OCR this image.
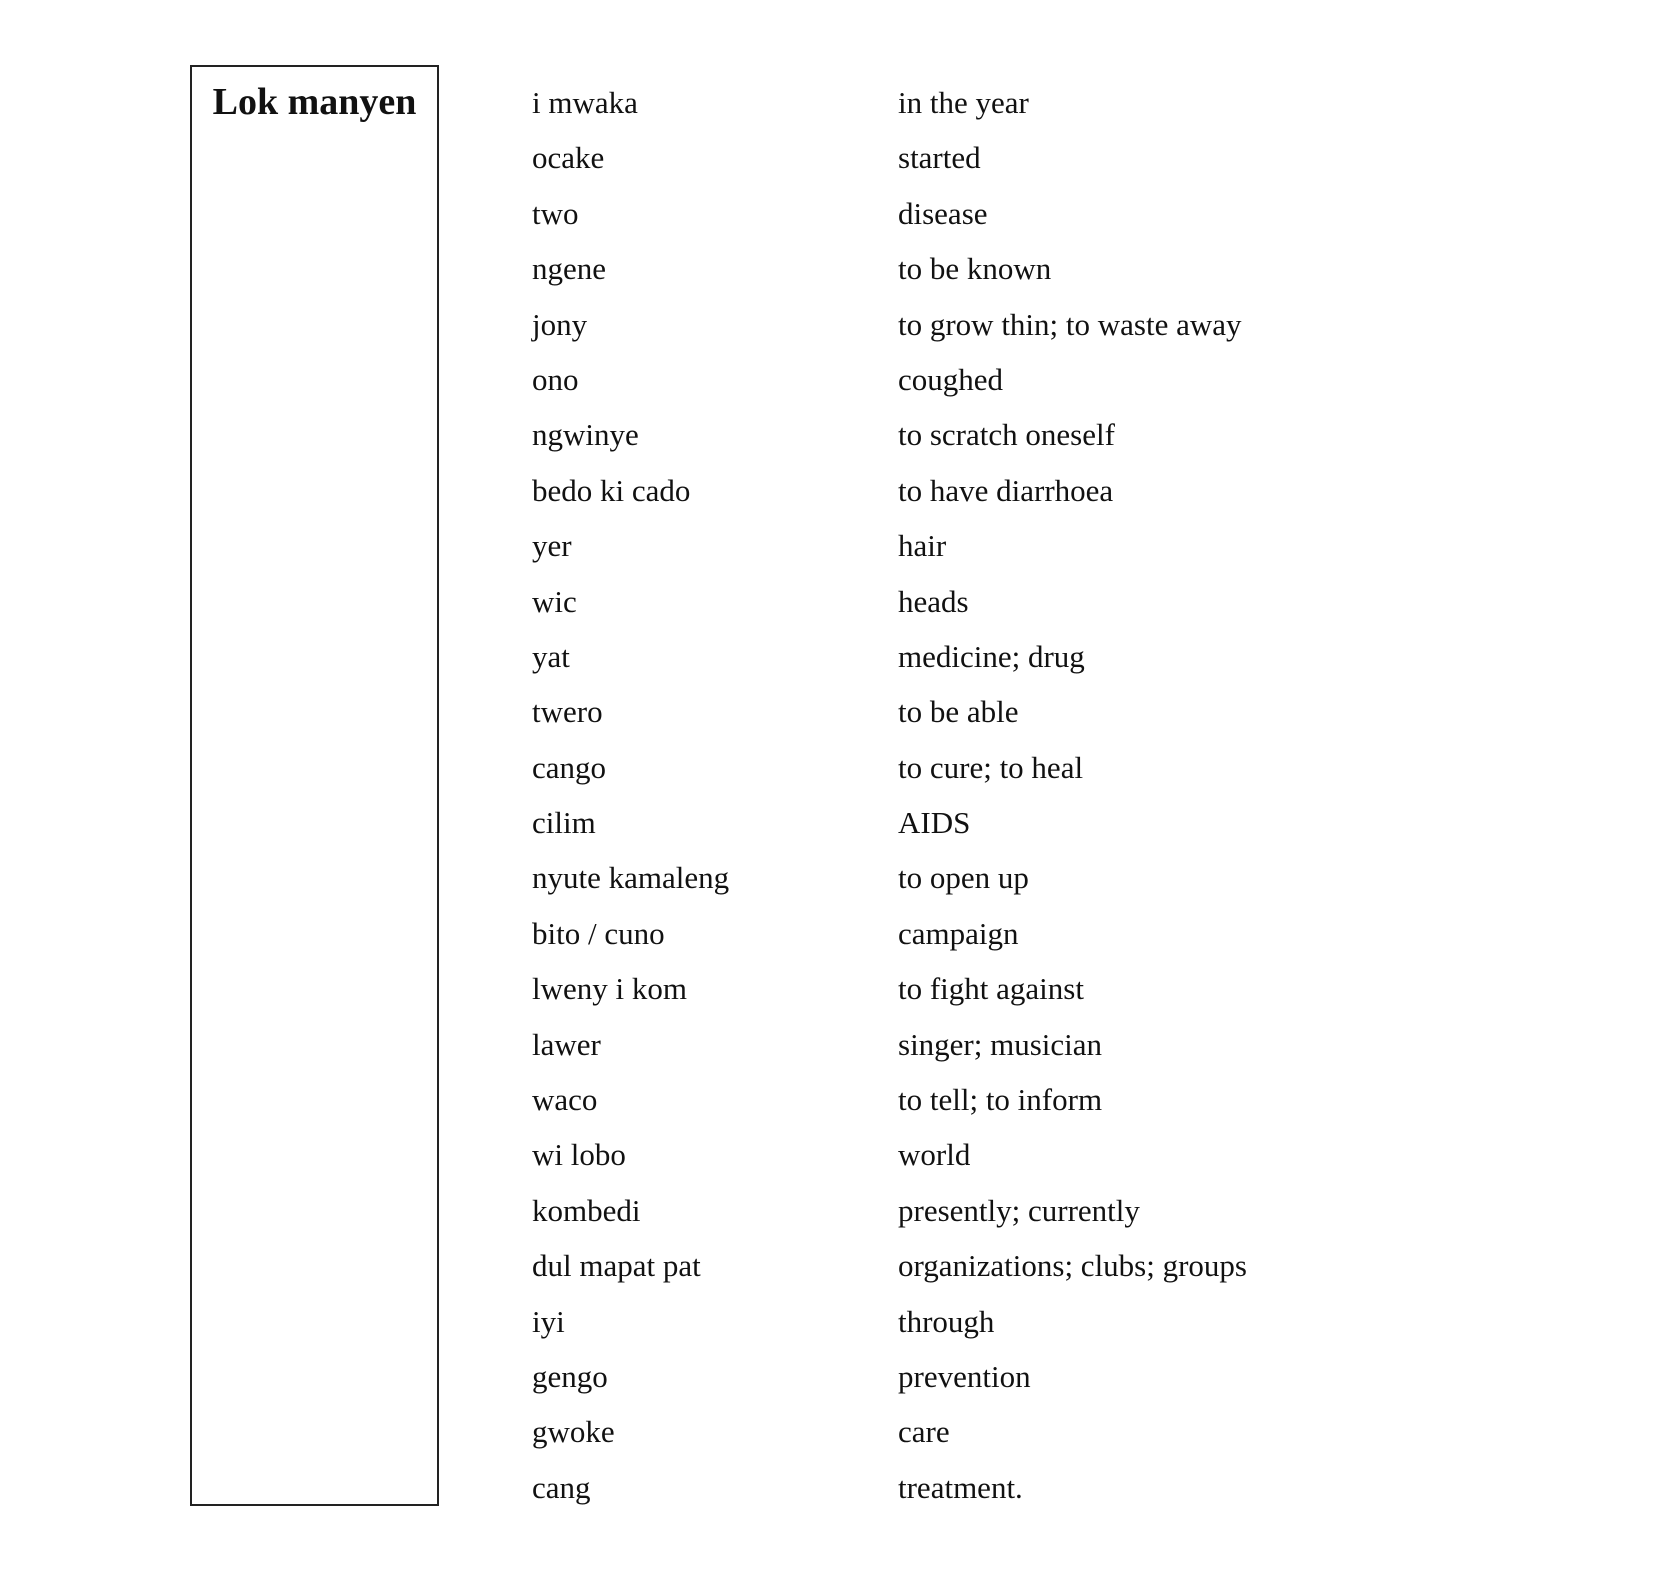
Lok manyen	i mwaka	in the year
ocake	started
two	disease
ngene	to be known
jony	to grow thin; to waste away
ono	coughed
ngwinye	to scratch oneself
bedo ki cado	to have diarrhoea
yer	hair
wic	heads
yat	medicine; drug
twero	to be able
cango	to cure; to heal
cilim	AIDS
nyute kamaleng	to open up
bito / cuno	campaign
lweny i kom	to fight against
lawer	singer; musician
waco	to tell; to inform
wi lobo	world
kombedi	presently; currently
dul mapat pat	organizations; clubs; groups
iyi	through
gengo	prevention
gwoke	care
cang	treatment.
